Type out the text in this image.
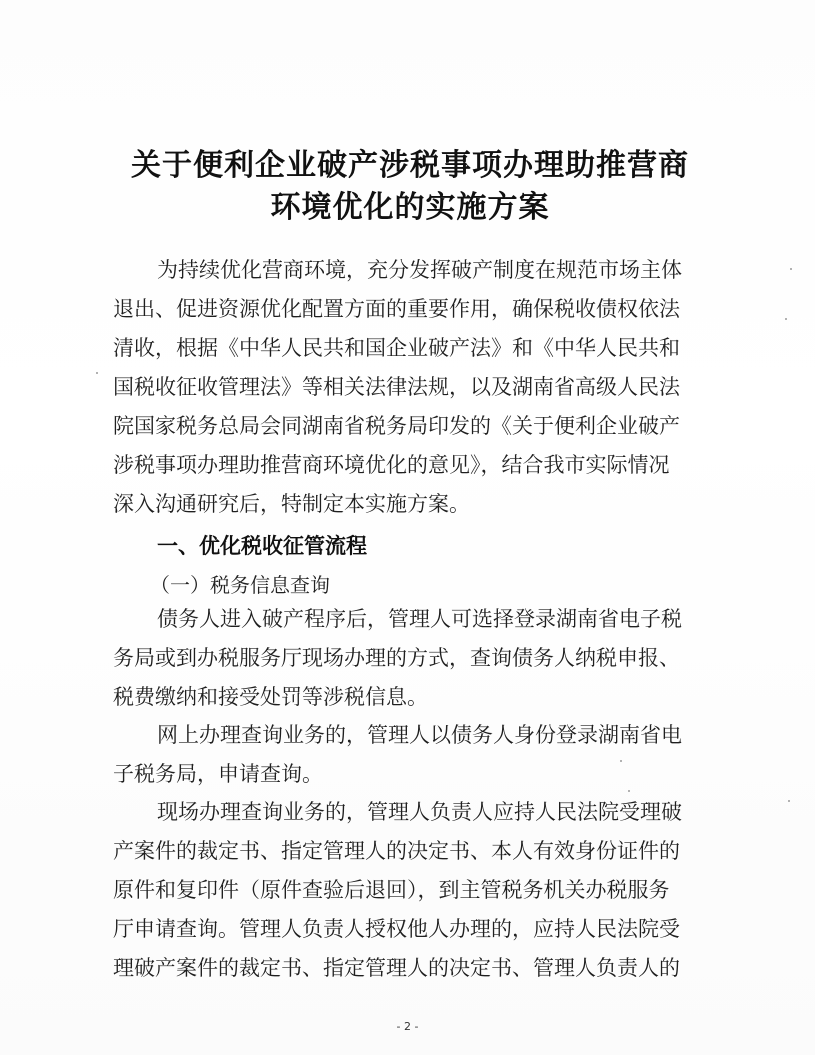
关于便利企业破产涉税事项办理助推营商
环境优化的实施方案
为持续优化营商环境，充分发挥破产制度在规范市场主体
退出、促进资源优化配置方面的重要作用，确保税收债权依法
清收，根据《中华人民共和国企业破产法》和《中华人民共和
国税收征收管理法》等相关法律法规，以及湖南省高级人民法
院国家税务总局会同湖南省税务局印发的《关于便利企业破产
涉税事项办理助推营商环境优化的意见》，结合我市实际情况
深入沟通研究后，特制定本实施方案。
一、优化税收征管流程
（一）税务信息查询
债务人进入破产程序后，管理人可选择登录湖南省电子税
务局或到办税服务厅现场办理的方式，查询债务人纳税申报、
税费缴纳和接受处罚等涉税信息。
网上办理查询业务的，管理人以债务人身份登录湖南省电
子税务局，申请查询。
现场办理查询业务的，管理人负责人应持人民法院受理破
产案件的裁定书、指定管理人的决定书、本人有效身份证件的
原件和复印件（原件查验后退回），到主管税务机关办税服务
厅申请查询。管理人负责人授权他人办理的，应持人民法院受
理破产案件的裁定书、指定管理人的决定书、管理人负责人的
- 2 -
